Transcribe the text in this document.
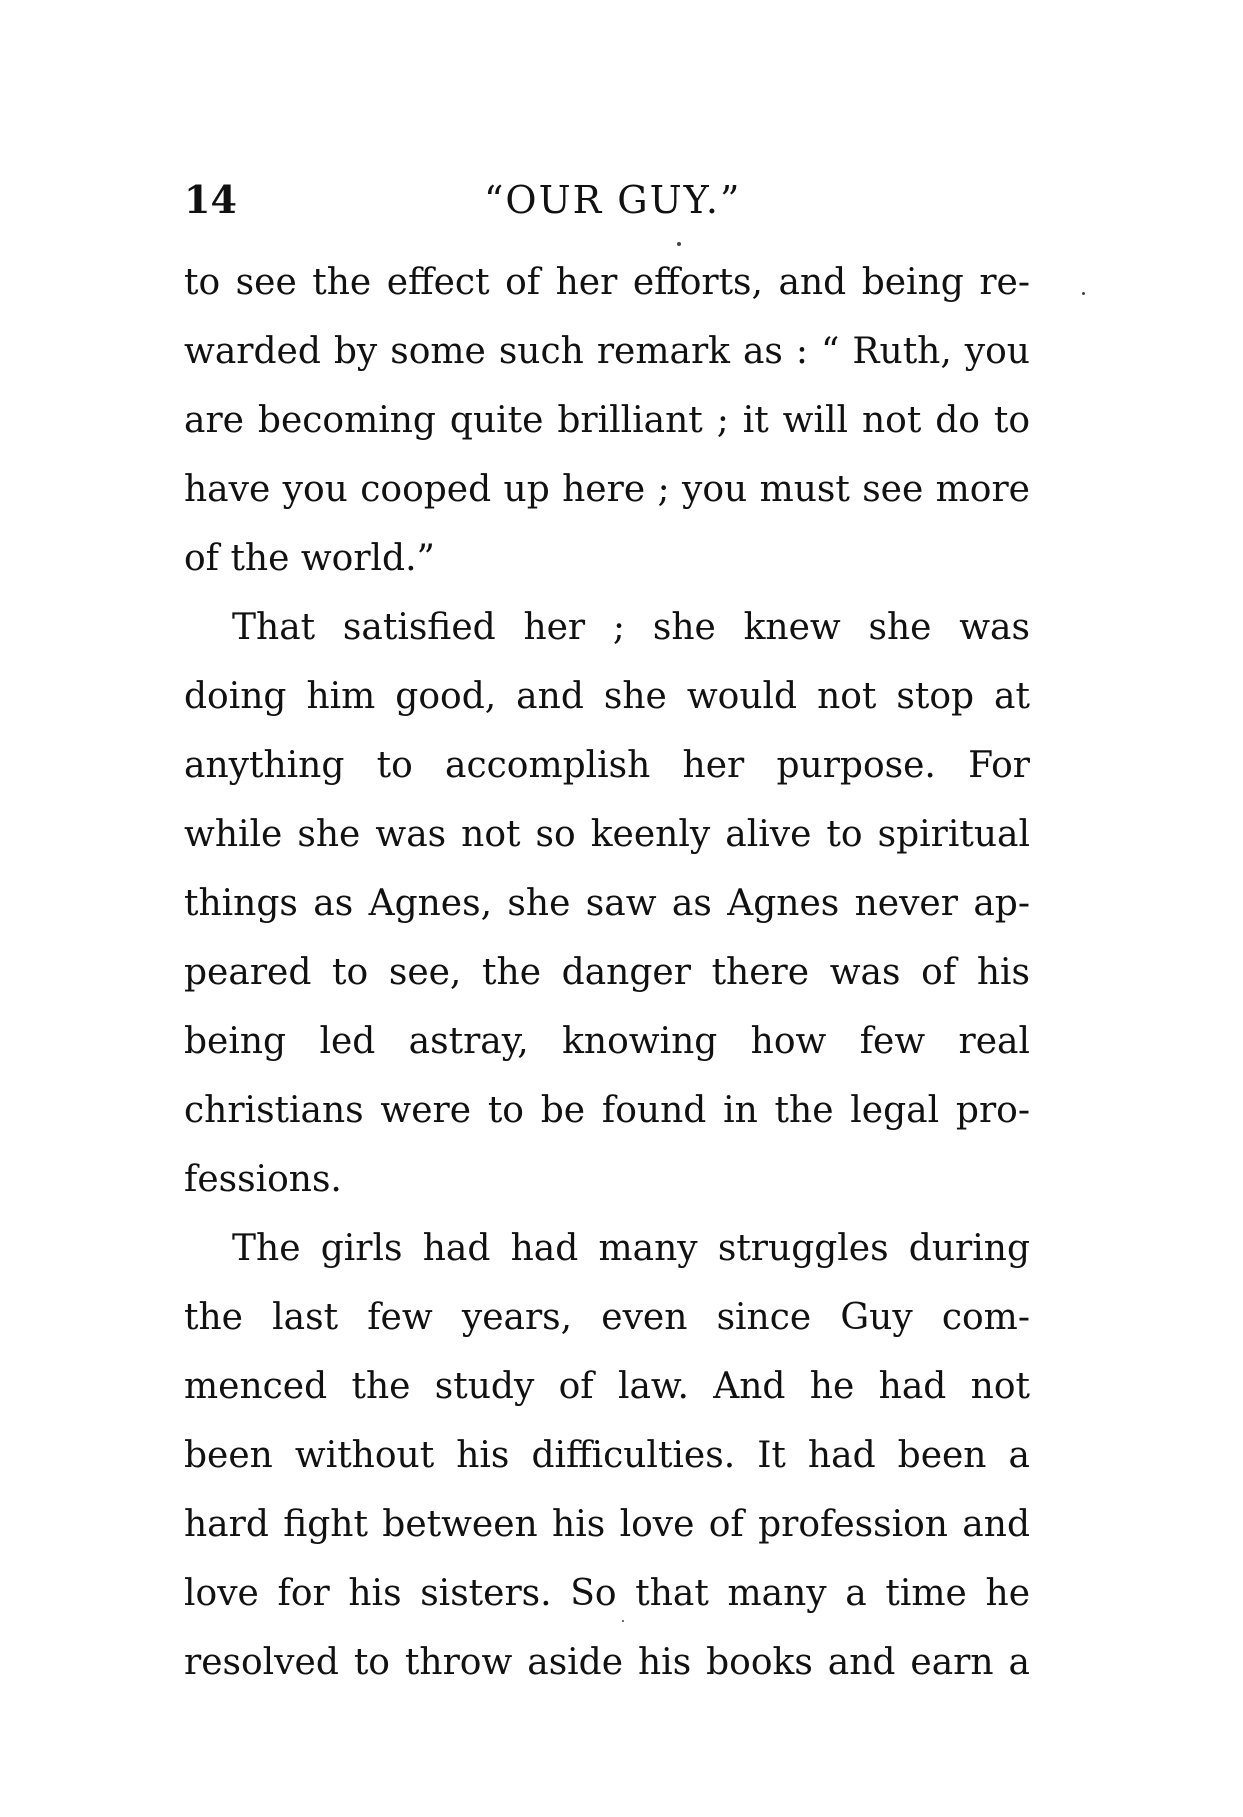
14	“OUR GUY.”
to see the effect of her efforts, and being re-
warded by some such remark as : “ Ruth, you
are becoming quite brilliant ; it will not do to
have you cooped up here ; you must see more
of the world.”
That satisfied her ; she knew she was
doing him good, and she would not stop at
anything to accomplish her purpose. For
while she was not so keenly alive to spiritual
things as Agnes, she saw as Agnes never ap-
peared to see, the danger there was of his
being led astray, knowing how few real
christians were to be found in the legal pro-
fessions.
The girls had had many struggles during
the last few years, even since Guy com-
menced the study of law. And he had not
been without his difficulties. It had been a
hard fight between his love of profession and
love for his sisters. So that many a time he
resolved to throw aside his books and earn a
